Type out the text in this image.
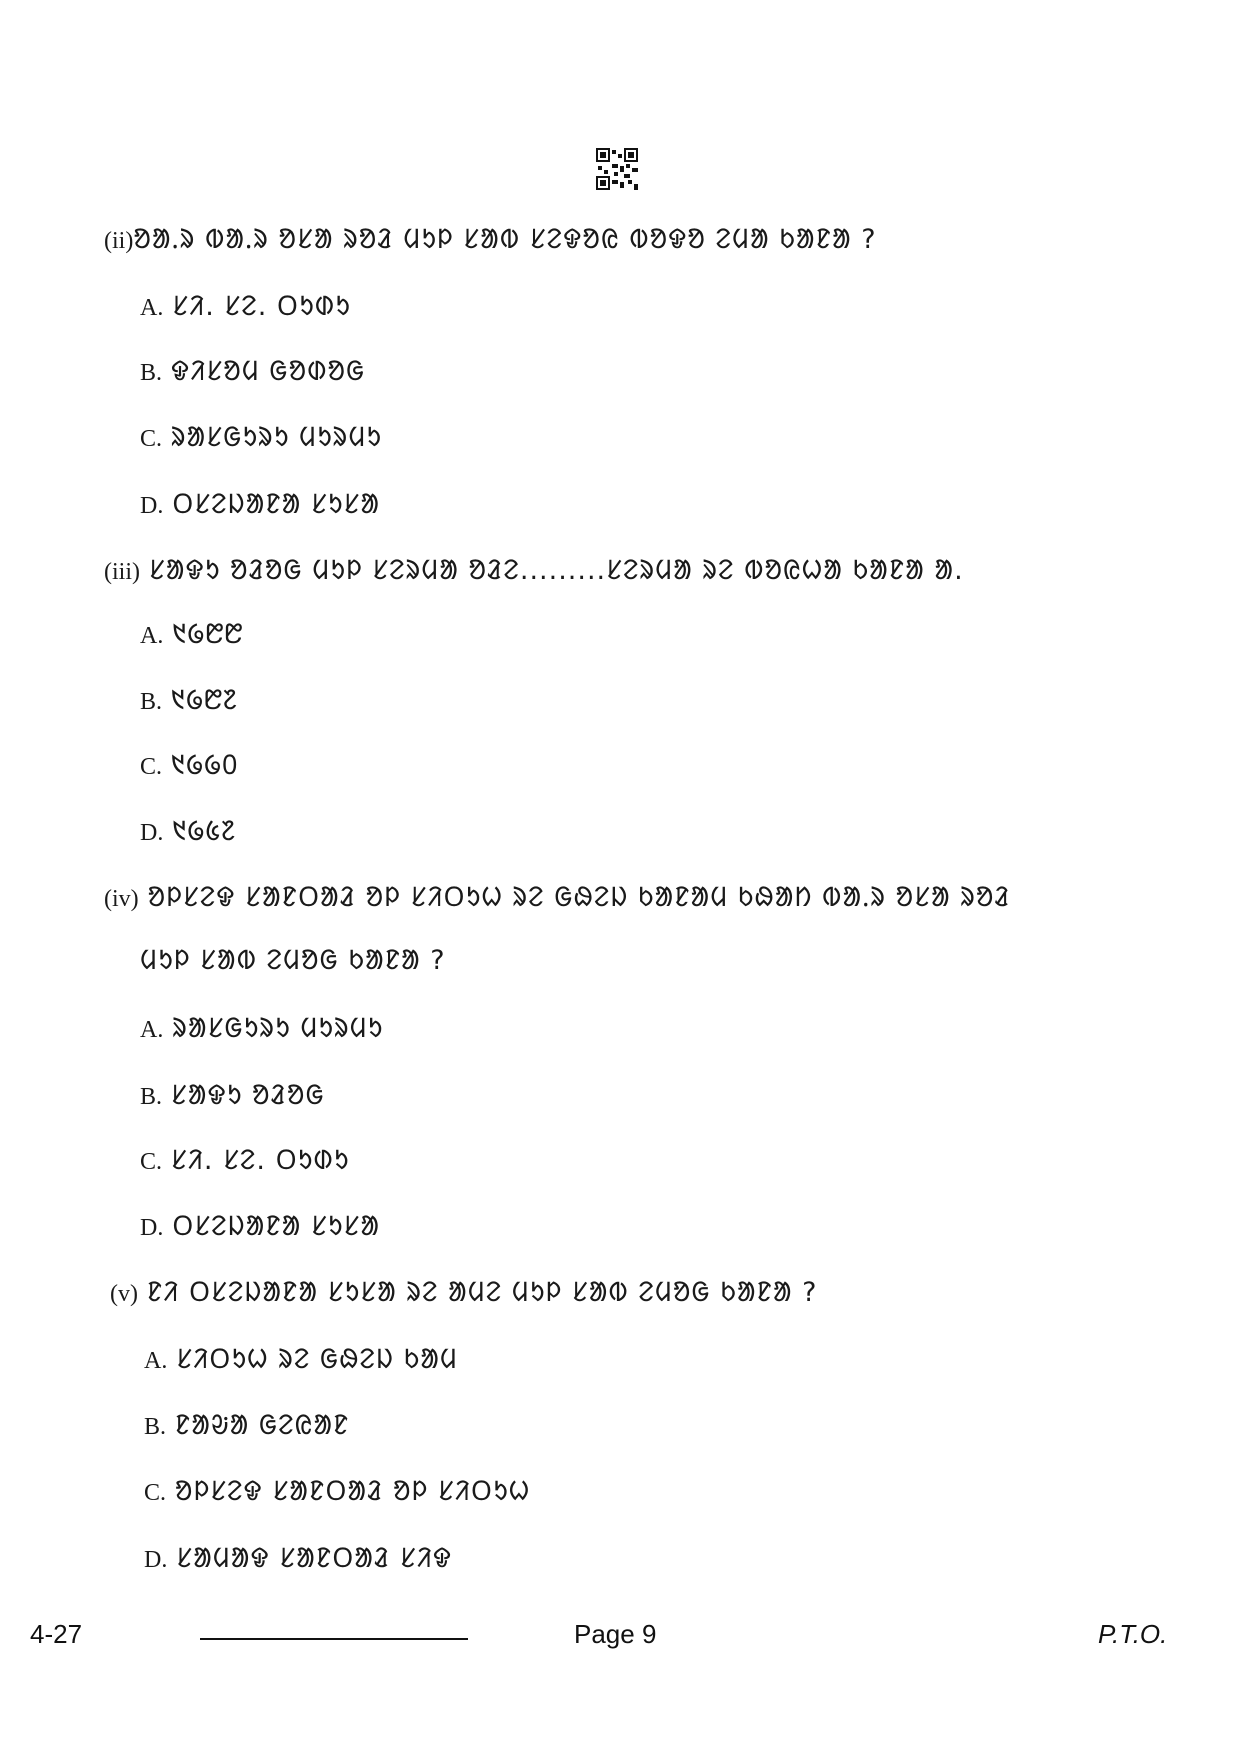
(ii)ᱚᱟᱹᱨ ᱵᱟᱹᱨ ᱚᱥᱟ ᱨᱚᱲ ᱢᱩᱞ ᱥᱟᱵ ᱥᱮᱫᱚᱭ ᱵᱚᱫᱚ ᱮᱢᱟ ᱠᱟᱱᱟ ?
A. ᱥᱤ. ᱥᱮ. ᱛᱩᱰᱩ
B. ᱫᱤᱥᱚᱢ ᱜᱚᱰᱚᱜ
C. ᱨᱟᱥᱜᱩᱨᱩ ᱢᱩᱨᱢᱩ
D. ᱛᱥᱮᱡᱟᱱᱟ ᱥᱩᱥᱟ
(iii) ᱥᱟᱫᱩ ᱚᱲᱚᱜ ᱢᱩᱞ ᱥᱮᱨᱢᱟ ᱚᱲᱮ.........ᱥᱮᱨᱢᱟ ᱨᱮ ᱵᱚᱭᱦᱟ ᱠᱟᱱᱟ ᱟ.
A. ᱑᱙᱘᱘
B. ᱑᱙᱘᱗
C. ᱑᱙᱙᱐
D. ᱑᱙᱕᱗
(iv) ᱚᱞᱥᱮᱫ ᱥᱟᱱᱛᱟᱲ ᱚᱞ ᱥᱤᱛᱩᱦ ᱨᱮ ᱜᱷᱮᱡ ᱠᱟᱱᱟᱢ ᱠᱷᱟᱴ ᱵᱟᱹᱨ ᱚᱥᱟ ᱨᱚᱲ
ᱢᱩᱞ ᱥᱟᱵ ᱮᱢᱚᱜ ᱠᱟᱱᱟ ?
A. ᱨᱟᱥᱜᱩᱨᱩ ᱢᱩᱨᱢᱩ
B. ᱥᱟᱫᱩ ᱚᱲᱚᱜ
C. ᱥᱤ. ᱥᱮ. ᱛᱩᱰᱩ
D. ᱛᱥᱮᱡᱟᱱᱟ ᱥᱩᱥᱟ
(v) ᱱᱤ ᱛᱥᱮᱡᱟᱱᱟ ᱥᱩᱥᱟ ᱨᱮ ᱟᱢᱮ ᱢᱩᱞ ᱥᱟᱵ ᱮᱢᱚᱜ ᱠᱟᱱᱟ ?
A. ᱥᱤᱛᱩᱦ ᱨᱮ ᱜᱷᱮᱡ ᱠᱟᱢ
B. ᱱᱟᱶᱟ ᱜᱮᱭᱟᱱ
C. ᱚᱞᱥᱮᱫ ᱥᱟᱱᱛᱟᱲ ᱚᱞ ᱥᱤᱛᱩᱦ
D. ᱥᱟᱢᱟᱫ ᱥᱟᱱᱛᱟᱲ ᱥᱤᱫ
4-27	Page 9	P.T.O.
